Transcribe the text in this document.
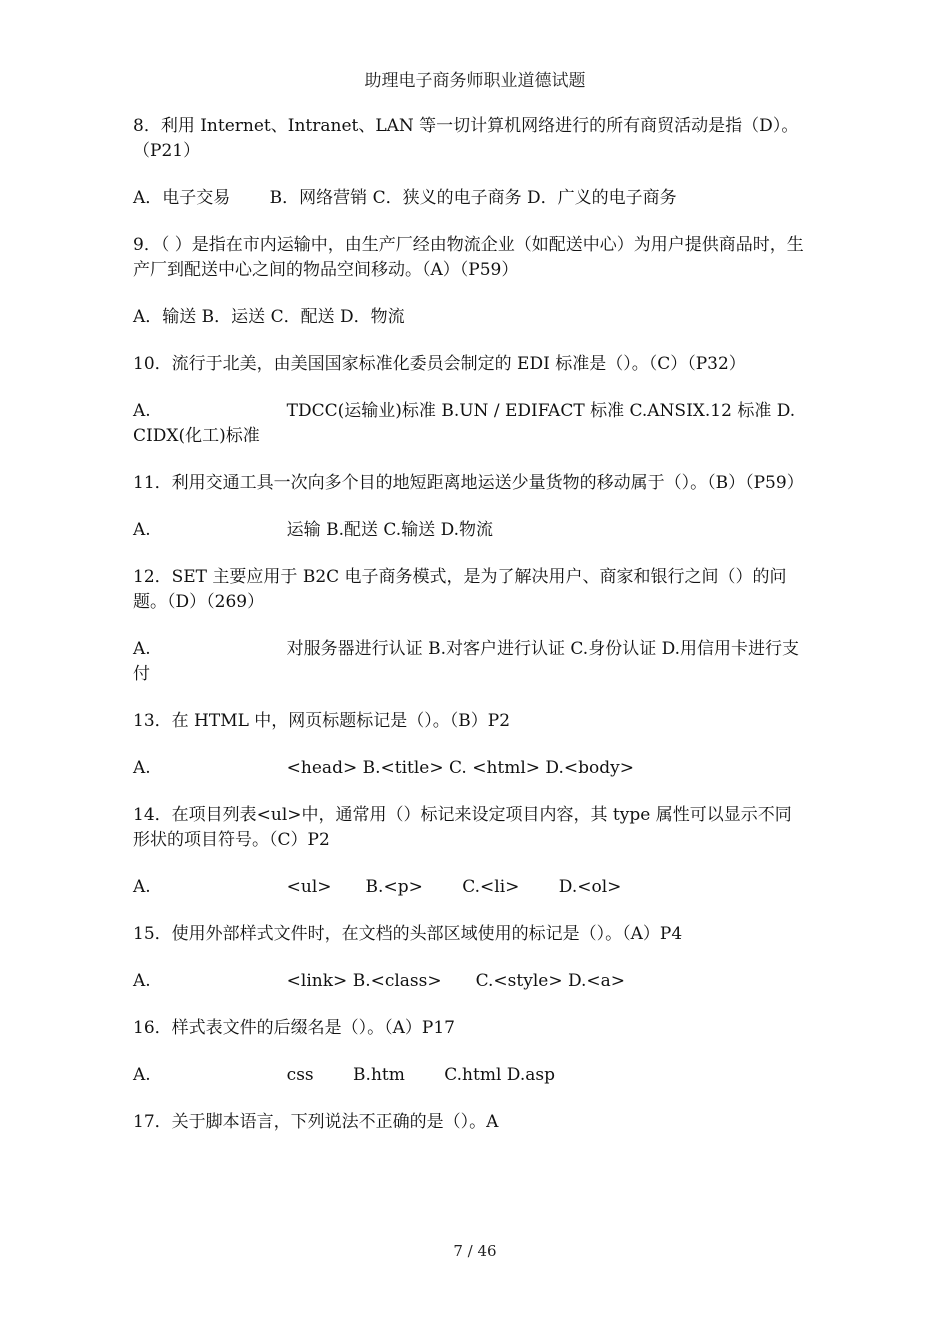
助理电子商务师职业道德试题

8．利用 Internet、Intranet、LAN 等一切计算机网络进行的所有商贸活动是指（D）。　　 （P21）

A．电子交易　　 B．网络营销 C．狭义的电子商务 D．广义的电子商务

9．（ ）是指在市内运输中，由生产厂经由物流企业（如配送中心）为用户提供商品时，生产厂到配送中心之间的物品空间移动。（A）（P59）

A．输送 B．运送 C．配送 D．物流

10．流行于北美，由美国国家标准化委员会制定的 EDI 标准是（）。（C）（P32）

A.　　　　　　　　TDCC(运输业)标准 B.UN / EDIFACT 标准 C.ANSIX.12 标准 D.CIDX(化工)标准

11．利用交通工具一次向多个目的地短距离地运送少量货物的移动属于（）。（B）（P59）

A.　　　　　　　　运输 B.配送 C.输送 D.物流

12．SET 主要应用于 B2C 电子商务模式，是为了解决用户、商家和银行之间（）的问题。（D）（269）

A.　　　　　　　　对服务器进行认证 B.对客户进行认证 C.身份认证 D.用信用卡进行支付

13．在 HTML 中，网页标题标记是（）。（B）P2

A.　　　　　　　　<head> B.<title> C. <html> D.<body>

14．在项目列表<ul>中，通常用（）标记来设定项目内容，其 type 属性可以显示不同形状的项目符号。（C）P2

A.　　　　　　　　<ul>　　B.<p>　　 C.<li>　　 D.<ol>

15．使用外部样式文件时，在文档的头部区域使用的标记是（）。（A）P4

A.　　　　　　　　<link> B.<class>　　C.<style> D.<a>

16．样式表文件的后缀名是（）。（A）P17

A.　　　　　　　　css　　 B.htm　　 C.html D.asp

17．关于脚本语言，下列说法不正确的是（）。A

7 / 46
